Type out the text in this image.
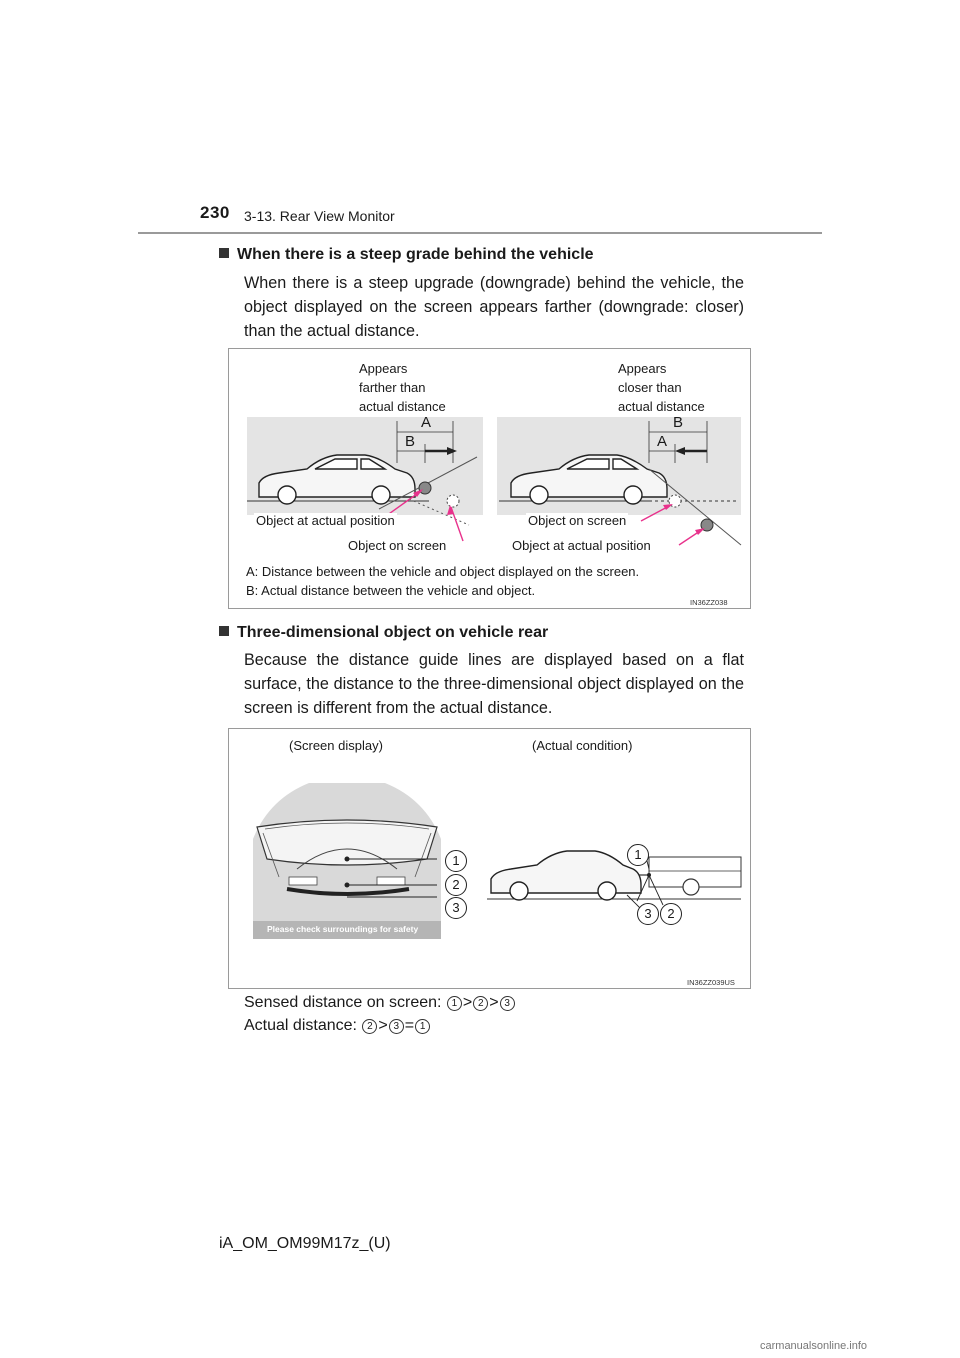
230 3-13. Rear View Monitor
When there is a steep grade behind the vehicle
When there is a steep upgrade (downgrade) behind the vehicle, the object displayed on the screen appears farther (downgrade: closer) than the actual distance.
Appears
farther than
actual distance
Appears
closer than
actual distance
A
B
B
A
Object at actual position
Object on screen
Object on screen
Object at actual position
A: Distance between the vehicle and object displayed on the screen.
B: Actual distance between the vehicle and object.
IN36ZZ038
Three-dimensional object on vehicle rear
Because the distance guide lines are displayed based on a flat surface, the distance to the three-dimensional object displayed on the screen is different from the actual distance.
(Screen display)	(Actual condition)
Please check surroundings for safety
1
2
3
1
3	2
IN36ZZ039US
Sensed distance on screen: 1 > 2 > 3
Actual distance: 2 > 3 = 1
iA_OM_OM99M17z_(U)
carmanualsonline.info
